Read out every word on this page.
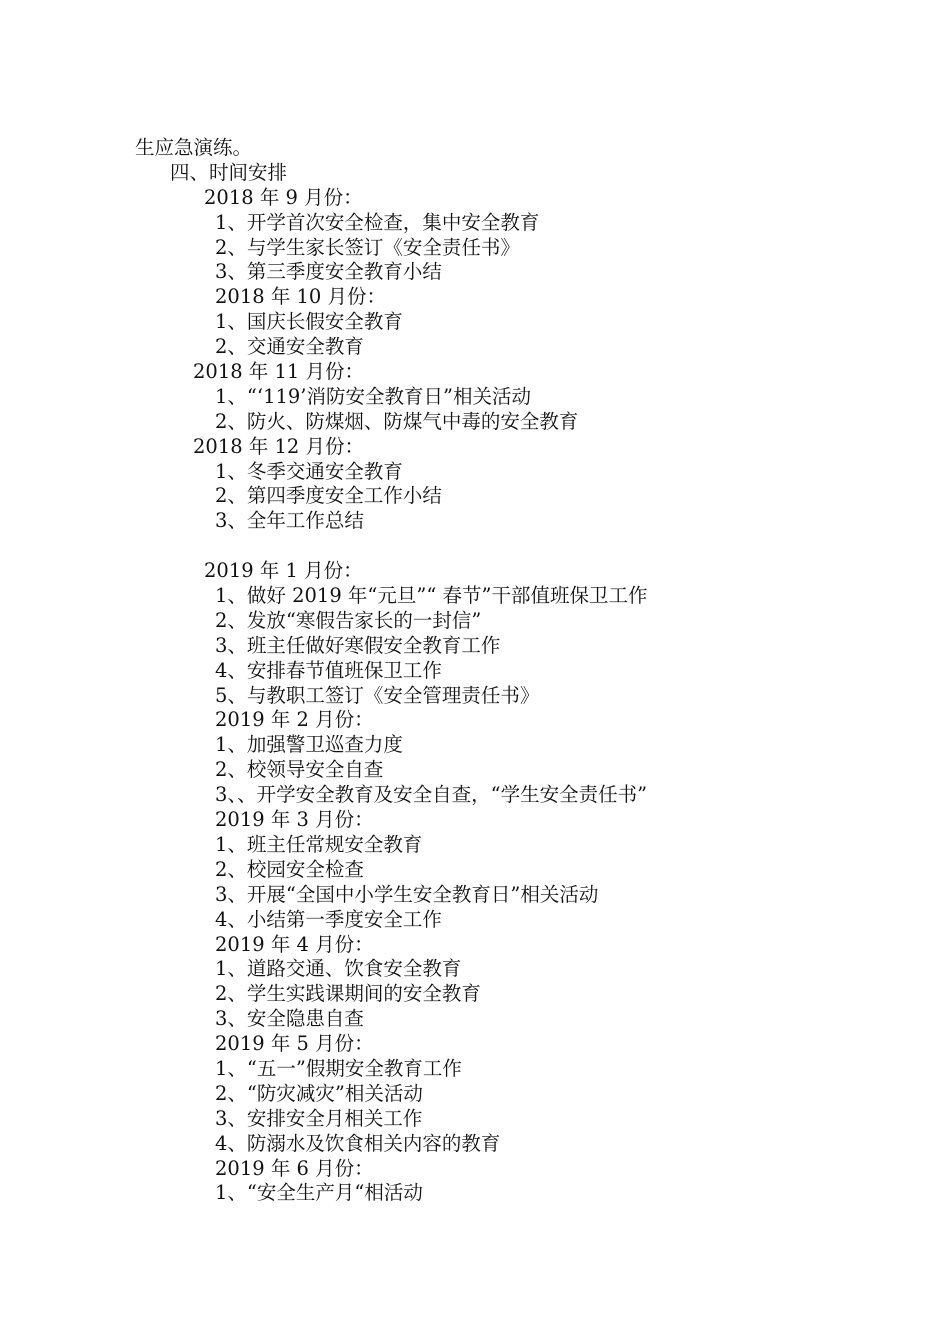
生应急演练。
四、时间安排
2018 年 9 月份：
1、开学首次安全检查，集中安全教育
2、与学生家长签订《安全责任书》
3、第三季度安全教育小结
2018 年 10 月份：
1、国庆长假安全教育
2、交通安全教育
2018 年 11 月份：
1、“‘119’消防安全教育日”相关活动
2、防火、防煤烟、防煤气中毒的安全教育
2018 年 12 月份：
1、冬季交通安全教育
2、第四季度安全工作小结
3、全年工作总结
2019 年 1 月份：
1、做好 2019 年“元旦”“ 春节”干部值班保卫工作
2、发放“寒假告家长的一封信”
3、班主任做好寒假安全教育工作
4、安排春节值班保卫工作
5、与教职工签订《安全管理责任书》
2019 年 2 月份：
1、加强警卫巡查力度
2、校领导安全自查
3、、开学安全教育及安全自查，“学生安全责任书”
2019 年 3 月份：
1、班主任常规安全教育
2、校园安全检查
3、开展“全国中小学生安全教育日”相关活动
4、小结第一季度安全工作
2019 年 4 月份：
1、道路交通、饮食安全教育
2、学生实践课期间的安全教育
3、安全隐患自查
2019 年 5 月份：
1、“五一”假期安全教育工作
2、“防灾减灾”相关活动
3、安排安全月相关工作
4、防溺水及饮食相关内容的教育
2019 年 6 月份：
1、“安全生产月“相活动
